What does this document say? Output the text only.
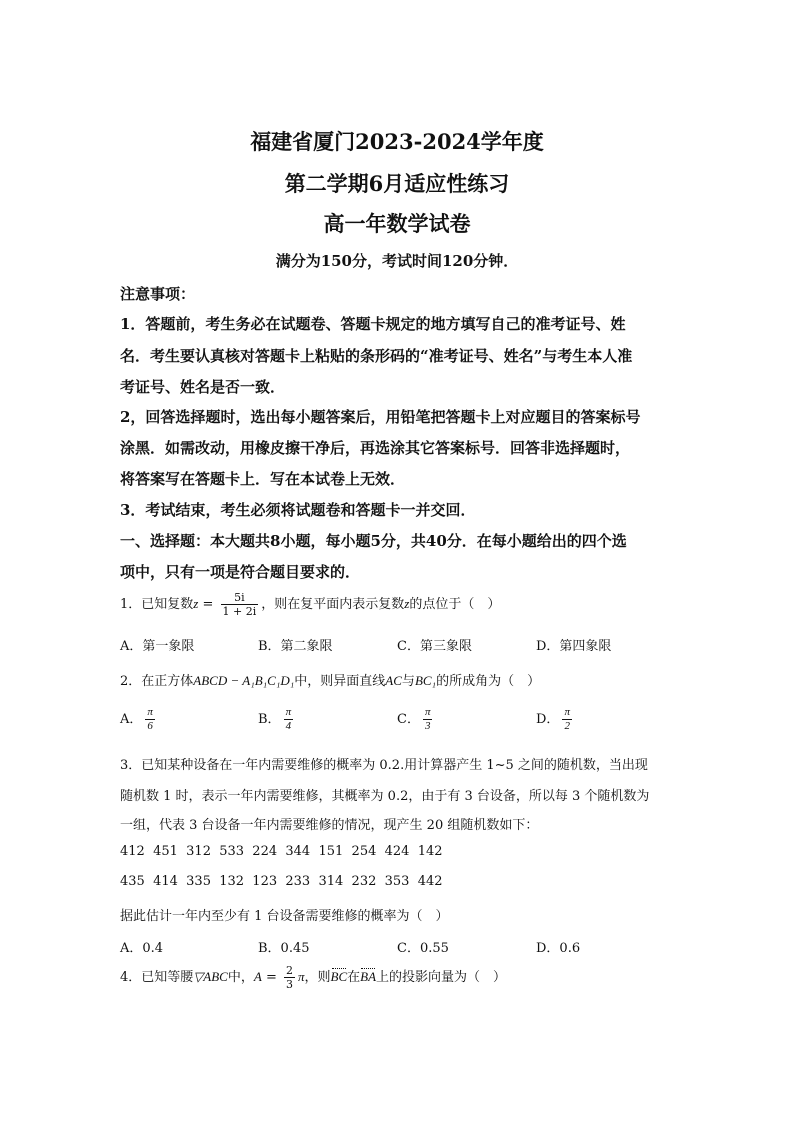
福建省厦门2023-2024学年度
第二学期6月适应性练习
高一年数学试卷
满分为150分，考试时间120分钟．
注意事项：
1．答题前，考生务必在试题卷、答题卡规定的地方填写自己的准考证号、姓
名．考生要认真核对答题卡上粘贴的条形码的“准考证号、姓名”与考生本人准
考证号、姓名是否一致．
2，回答选择题时，选出每小题答案后，用铅笔把答题卡上对应题目的答案标号
涂黑．如需改动，用橡皮擦干净后，再选涂其它答案标号．回答非选择题时，
将答案写在答题卡上．写在本试卷上无效．
3．考试结束，考生必须将试题卷和答题卡一并交回．
一、选择题：本大题共8小题，每小题5分，共40分．在每小题给出的四个选
项中，只有一项是符合题目要求的．
1．已知复数$z = \frac{5i}{1 + 2i}$ ，则在复平面内表示复数z的点位于（　）
A．第一象限	B．第二象限	C．第三象限	D．第四象限
2．在正方体ABCD − A₁B₁C₁D₁中，则异面直线AC与BC₁的所成角为（　）
A． $\frac{\pi}{6}$	B． $\frac{\pi}{4}$	C． $\frac{\pi}{3}$	D． $\frac{\pi}{2}$
3．已知某种设备在一年内需要维修的概率为 0.2.用计算器产生 1~5 之间的随机数，当出现
随机数 1 时，表示一年内需要维修，其概率为 0.2，由于有 3 台设备，所以每 3 个随机数为
一组，代表 3 台设备一年内需要维修的情况，现产生 20 组随机数如下：
412  451  312  533  224  344  151  254  424  142
435  414  335  132  123  233  314  232  353  442
据此估计一年内至少有 1 台设备需要维修的概率为（　）
A．0.4	B．0.45	C．0.55	D．0.6
4．已知等腰▽ABC中，$A = \frac{2}{3}$ π，则BC在BA上的投影向量为（　）
